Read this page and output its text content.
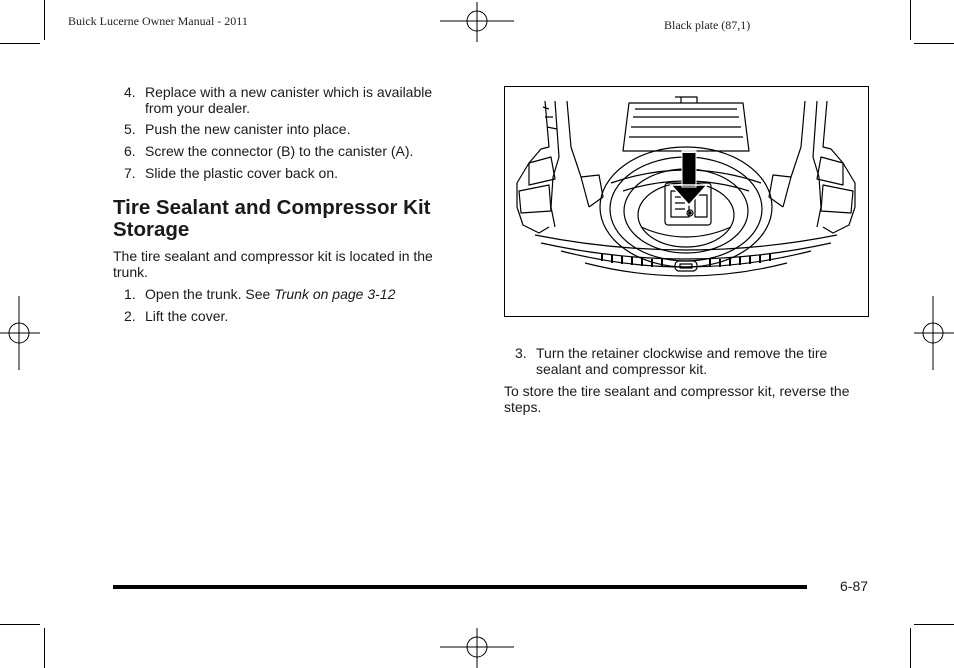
Buick Lucerne Owner Manual - 2011	Black plate (87,1)
4. Replace with a new canister which is available
from your dealer.
5. Push the new canister into place.
6. Screw the connector (B) to the canister (A).
7. Slide the plastic cover back on.
Tire Sealant and Compressor Kit
Storage
The tire sealant and compressor kit is located in the
trunk.
1. Open the trunk. See Trunk on page 3-12
2. Lift the cover.
3. Turn the retainer clockwise and remove the tire
sealant and compressor kit.
To store the tire sealant and compressor kit, reverse the
steps.
6-87
